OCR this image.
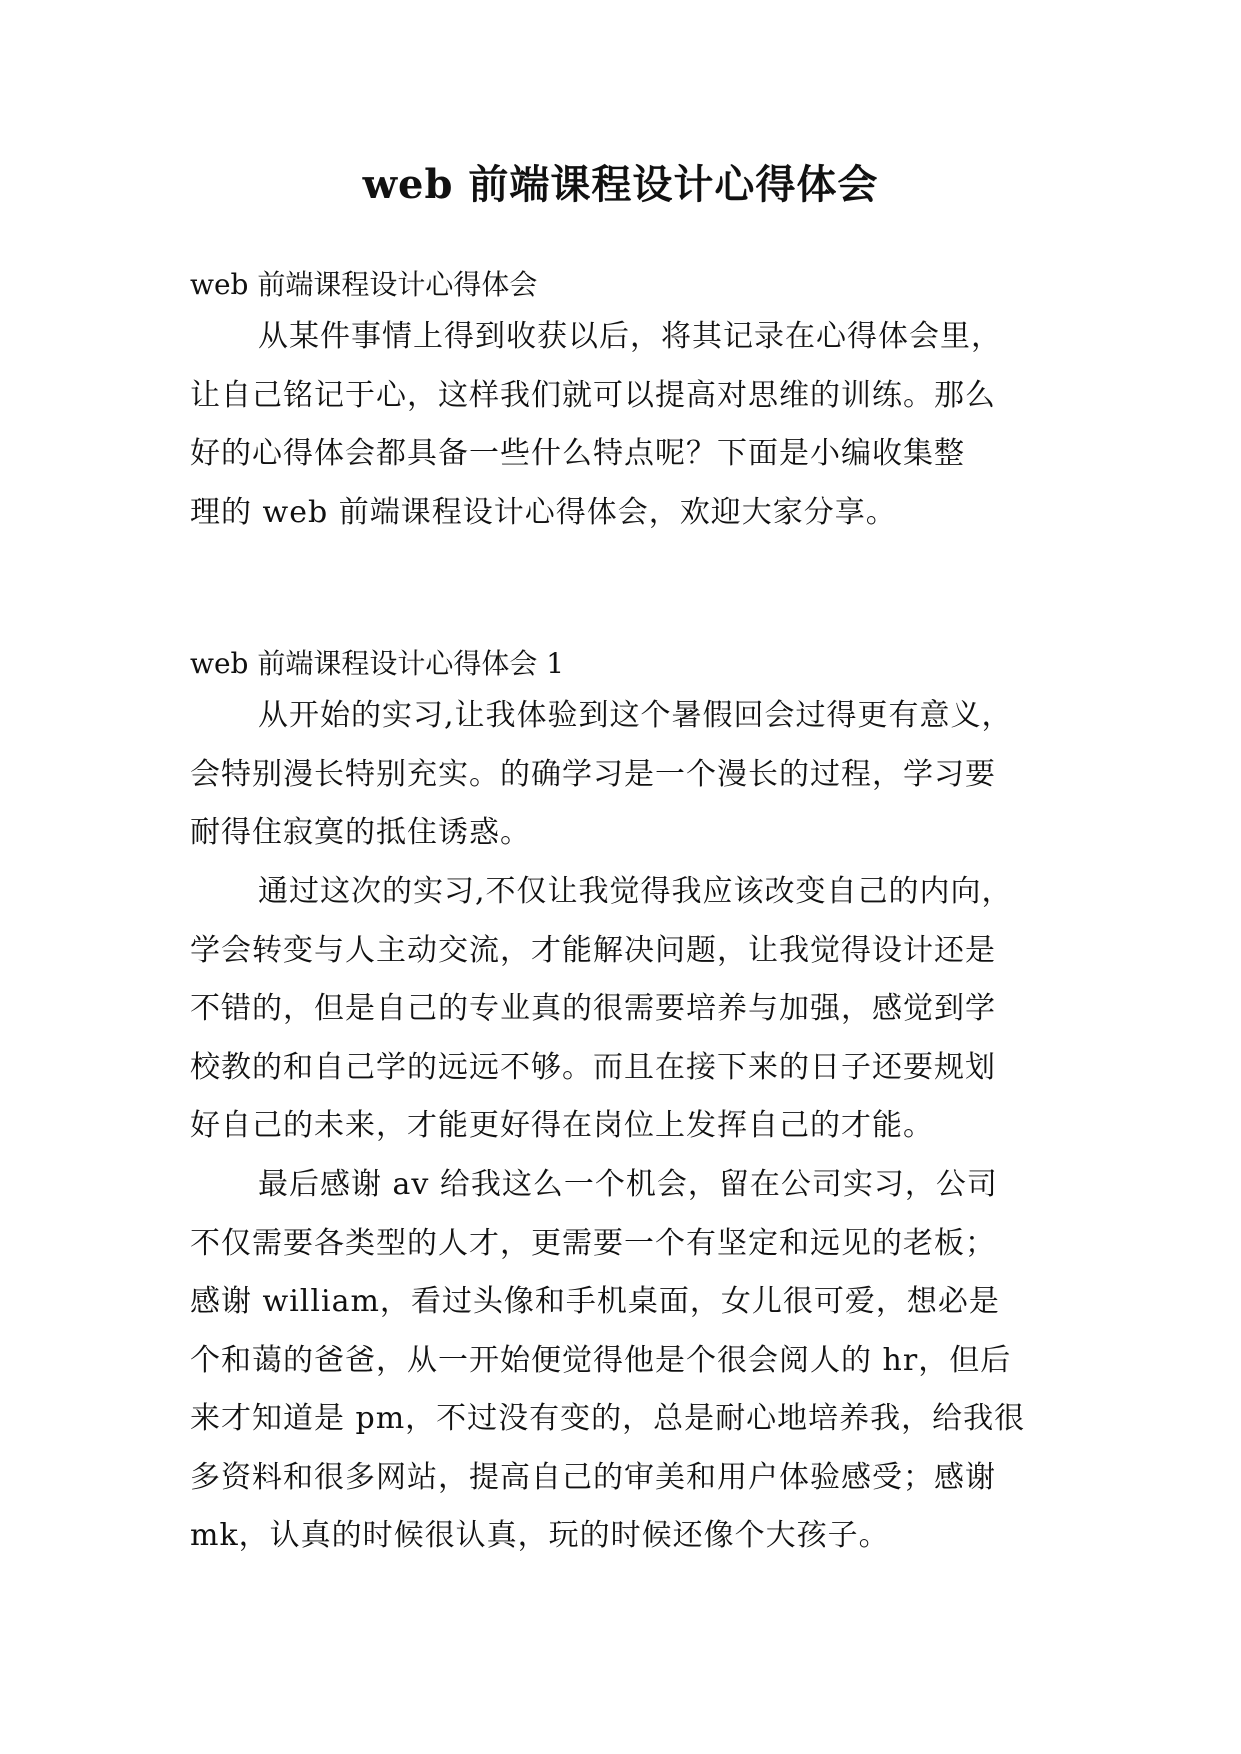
web 前端课程设计心得体会
web 前端课程设计心得体会
从某件事情上得到收获以后，将其记录在心得体会里，
让自己铭记于心，这样我们就可以提高对思维的训练。那么
好的心得体会都具备一些什么特点呢？下面是小编收集整
理的 web 前端课程设计心得体会，欢迎大家分享。
web 前端课程设计心得体会 1
从开始的实习,让我体验到这个暑假回会过得更有意义，
会特别漫长特别充实。的确学习是一个漫长的过程，学习要
耐得住寂寞的抵住诱惑。
通过这次的实习,不仅让我觉得我应该改变自己的内向，
学会转变与人主动交流，才能解决问题，让我觉得设计还是
不错的，但是自己的专业真的很需要培养与加强，感觉到学
校教的和自己学的远远不够。而且在接下来的日子还要规划
好自己的未来，才能更好得在岗位上发挥自己的才能。
最后感谢 av 给我这么一个机会，留在公司实习，公司
不仅需要各类型的人才，更需要一个有坚定和远见的老板；
感谢 william，看过头像和手机桌面，女儿很可爱，想必是
个和蔼的爸爸，从一开始便觉得他是个很会阅人的 hr，但后
来才知道是 pm，不过没有变的，总是耐心地培养我，给我很
多资料和很多网站，提高自己的审美和用户体验感受；感谢
mk，认真的时候很认真，玩的时候还像个大孩子。
